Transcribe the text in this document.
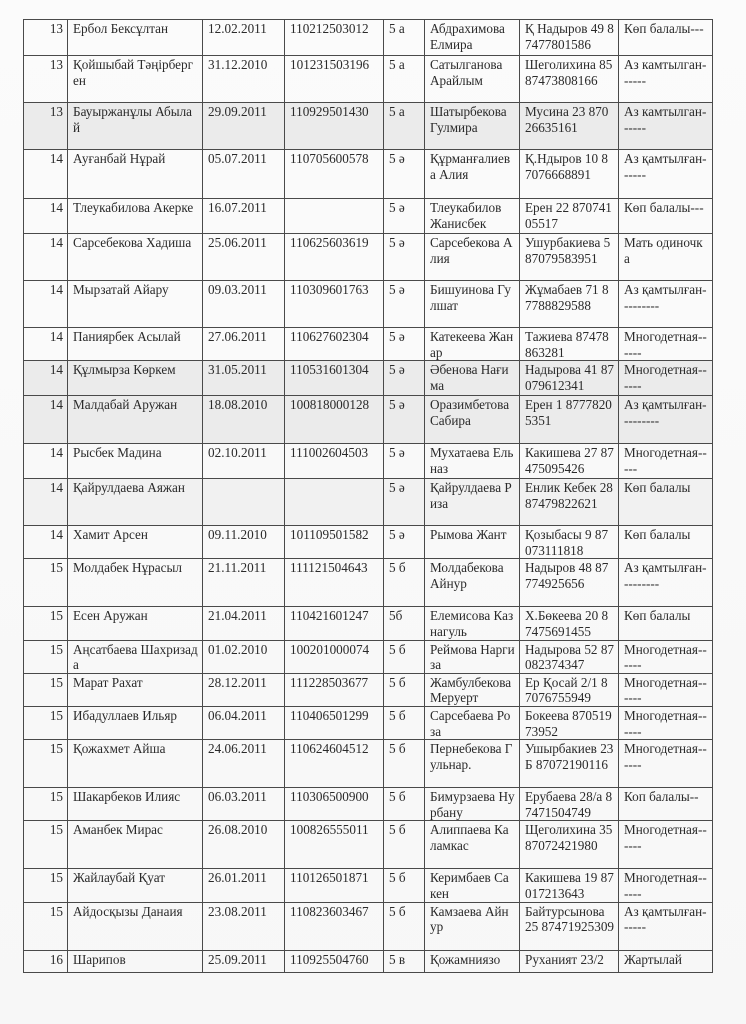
13	Ербол Бексұлтан	12.02.2011	110212503012	5 а	Абдрахимова Елмира	Қ Надыров 49 87477801586	Көп балалы---
13	Қойшыбай Тәңірберген	31.12.2010	101231503196	5 а	Сатылганова Арайлым	Шеголихина 85 87473808166	Аз камтылган------
13	Бауыржанұлы Абылай	29.09.2011	110929501430	5 а	Шатырбекова Гулмира	Мусина 23 87026635161	Аз камтылган------
14	Ауғанбай Нұрай	05.07.2011	110705600578	5 ә	Құрманғалиева Алия	Қ.Ндыров 10 87076668891	Аз қамтылған------
14	Тлеукабилова Акерке	16.07.2011		5 ә	Тлеукабилов Жанисбек	Ерен 22 87074105517	Көп балалы---
14	Сарсебекова Хадиша	25.06.2011	110625603619	5 ә	Сарсебекова Алия	Ушурбакиева 5 87079583951	Мать одиночка
14	Мырзатай Айару	09.03.2011	110309601763	5 ә	Бишуинова Гулшат	Жұмабаев 71 87788829588	Аз қамтылған---------
14	Паниярбек Асылай	27.06.2011	110627602304	5 ә	Катекеева Жанар	Тажиева 87478863281	Многодетная------
14	Құлмырза Көркем	31.05.2011	110531601304	5 ә	Әбенова Нағима	Надырова 41 87079612341	Многодетная------
14	Малдабай Аружан	18.08.2010	100818000128	5 ә	Оразимбетова Сабира	Ерен 1 87778205351	Аз қамтылған---------
14	Рысбек Мадина	02.10.2011	111002604503	5 ә	Мухатаева Ельназ	Какишева 27 87475095426	Многодетная-----
14	Қайрулдаева Аяжан			5 ә	Қайрулдаева Риза	Енлик Кебек 28 87479822621	Көп балалы
14	Хамит Арсен	09.11.2010	101109501582	5 ә	Рымова Жант	Қозыбасы 9 87073111818	Көп балалы
15	Молдабек Нұрасыл	21.11.2011	111121504643	5 б	Молдабекова Айнур	Надыров 48 87774925656	Аз қамтылған---------
15	Есен Аружан	21.04.2011	110421601247	5б	Елемисова Казнагуль	Х.Бөкеева 20 87475691455	Көп балалы
15	Аңсатбаева Шахризада	01.02.2010	100201000074	5 б	Реймова Наргиза	Надырова 52 87082374347	Многодетная------
15	Марат Рахат	28.12.2011	111228503677	5 б	Жамбулбекова Меруерт	Ер Қосай 2/1 87076755949	Многодетная------
15	Ибадуллаев Ильяр	06.04.2011	110406501299	5 б	Сарсебаева Роза	Бокеева 87051973952	Многодетная------
15	Қожахмет Айша	24.06.2011	110624604512	5 б	Пернебекова Гульнар.	Ушырбакиев 23 Б 87072190116	Многодетная------
15	Шакарбеков Илияс	06.03.2011	110306500900	5 б	Бимурзаева Нурбану	Ерубаева 28/а 87471504749	Коп балалы--
15	Аманбек Мирас	26.08.2010	100826555011	5 б	Алиппаева Каламкас	Щеголихина 35 87072421980	Многодетная------
15	Жайлаубай Қуат	26.01.2011	110126501871	5 б	Керимбаев Сакен	Какишева 19 87017213643	Многодетная------
15	Айдосқызы Данаия	23.08.2011	110823603467	5 б	Камзаева Айнур	Байтурсынова 25 87471925309	Аз қамтылған------
16	Шарипов	25.09.2011	110925504760	5 в	Қожамниязо	Руханият 23/2	Жартылай
